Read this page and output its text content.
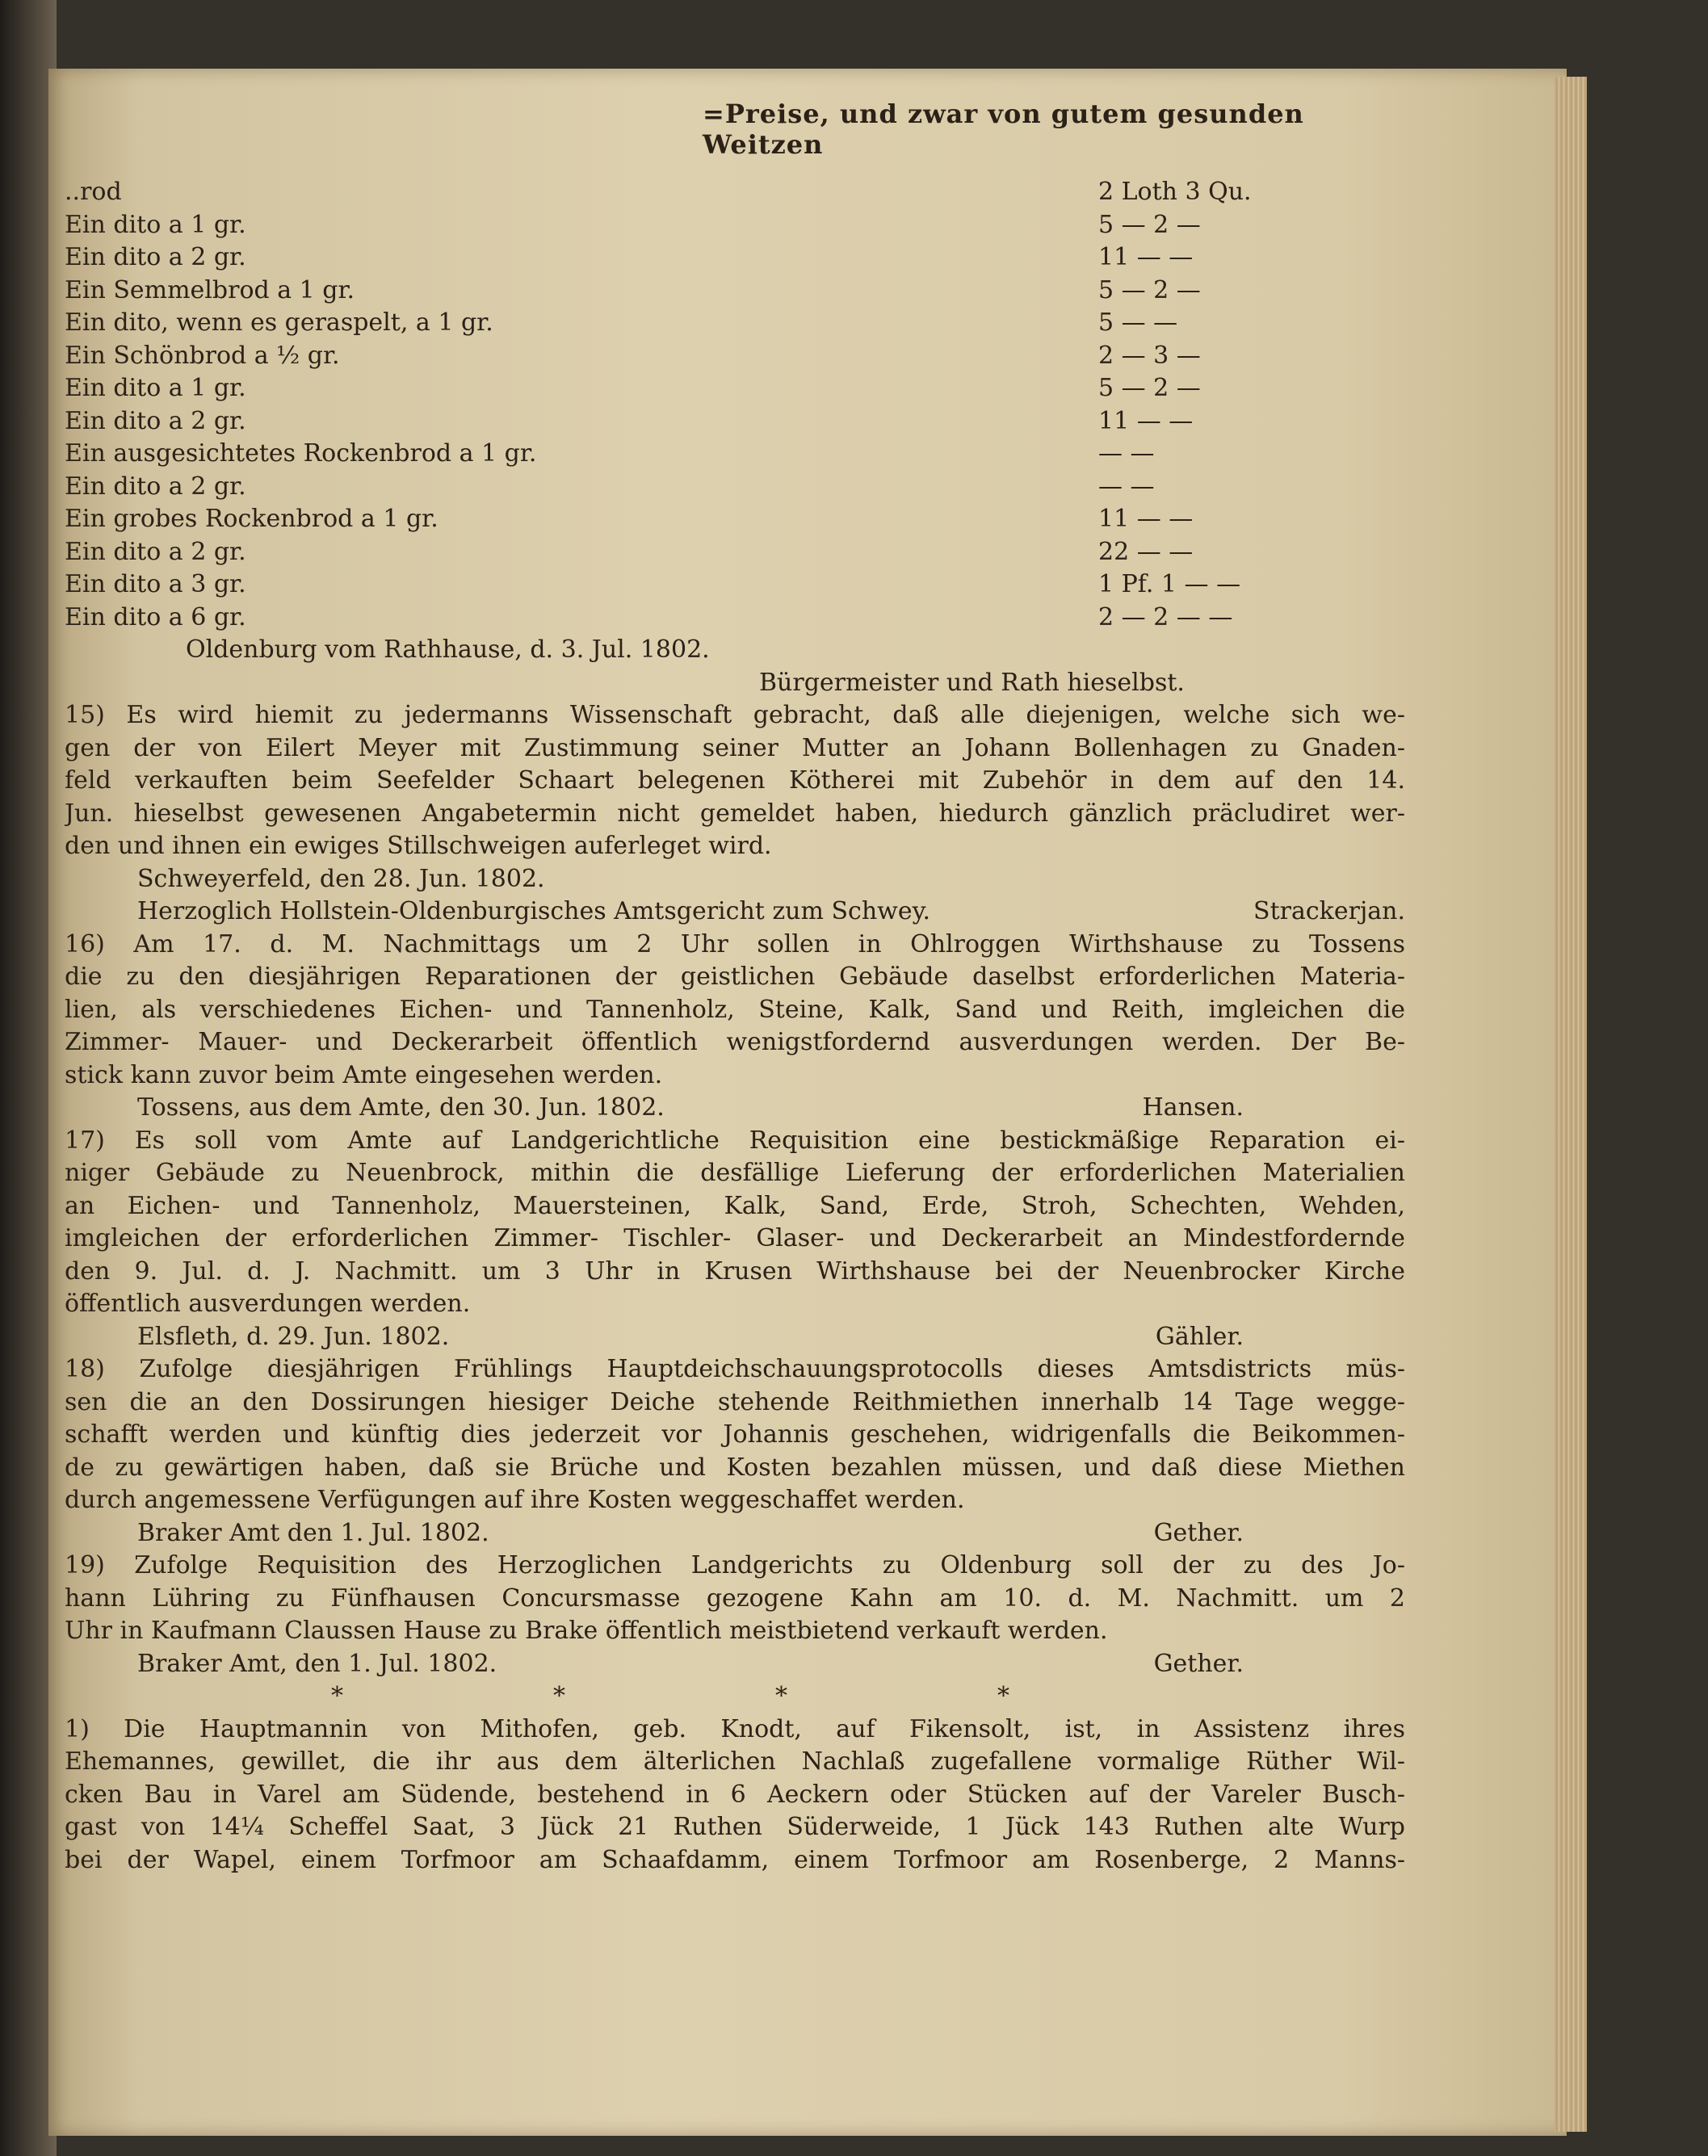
=Preise, und zwar von gutem gesunden Weitzen
..rod	2 Loth 3 Qu.
Ein dito a 1 gr.	5 — 2 —
Ein dito a 2 gr.	11 — —
Ein Semmelbrod a 1 gr.	5 — 2 —
Ein dito, wenn es geraspelt, a 1 gr.	5 — —
Ein Schönbrod a ½ gr.	2 — 3 —
Ein dito a 1 gr.	5 — 2 —
Ein dito a 2 gr.	11 — —
Ein ausgesichtetes Rockenbrod a 1 gr.	— —
Ein dito a 2 gr.	— —
Ein grobes Rockenbrod a 1 gr.	11 — —
Ein dito a 2 gr.	22 — —
Ein dito a 3 gr.	1 Pf. 1 — —
Ein dito a 6 gr.	2 — 2 — —
Oldenburg vom Rathhause, d. 3. Jul. 1802.
Bürgermeister und Rath hieselbst.
15) Es wird hiemit zu jedermanns Wissenschaft gebracht, daß alle diejenigen, welche sich we-
gen der von Eilert Meyer mit Zustimmung seiner Mutter an Johann Bollenhagen zu Gnaden-
feld verkauften beim Seefelder Schaart belegenen Kötherei mit Zubehör in dem auf den 14.
Jun. hieselbst gewesenen Angabetermin nicht gemeldet haben, hiedurch gänzlich präcludiret wer-
den und ihnen ein ewiges Stillschweigen auferleget wird.
Schweyerfeld, den 28. Jun. 1802.
Herzoglich Hollstein-Oldenburgisches Amtsgericht zum Schwey.	Strackerjan.
16) Am 17. d. M. Nachmittags um 2 Uhr sollen in Ohlroggen Wirthshause zu Tossens
die zu den diesjährigen Reparationen der geistlichen Gebäude daselbst erforderlichen Materia-
lien, als verschiedenes Eichen- und Tannenholz, Steine, Kalk, Sand und Reith, imgleichen die
Zimmer- Mauer- und Deckerarbeit öffentlich wenigstfordernd ausverdungen werden. Der Be-
stick kann zuvor beim Amte eingesehen werden.
Tossens, aus dem Amte, den 30. Jun. 1802.	Hansen.
17) Es soll vom Amte auf Landgerichtliche Requisition eine bestickmäßige Reparation ei-
niger Gebäude zu Neuenbrock, mithin die desfällige Lieferung der erforderlichen Materialien
an Eichen- und Tannenholz, Mauersteinen, Kalk, Sand, Erde, Stroh, Schechten, Wehden,
imgleichen der erforderlichen Zimmer- Tischler- Glaser- und Deckerarbeit an Mindestfordernde
den 9. Jul. d. J. Nachmitt. um 3 Uhr in Krusen Wirthshause bei der Neuenbrocker Kirche
öffentlich ausverdungen werden.
Elsfleth, d. 29. Jun. 1802.	Gähler.
18) Zufolge diesjährigen Frühlings Hauptdeichschauungsprotocolls dieses Amtsdistricts müs-
sen die an den Dossirungen hiesiger Deiche stehende Reithmiethen innerhalb 14 Tage wegge-
schafft werden und künftig dies jederzeit vor Johannis geschehen, widrigenfalls die Beikommen-
de zu gewärtigen haben, daß sie Brüche und Kosten bezahlen müssen, und daß diese Miethen
durch angemessene Verfügungen auf ihre Kosten weggeschaffet werden.
Braker Amt den 1. Jul. 1802.	Gether.
19) Zufolge Requisition des Herzoglichen Landgerichts zu Oldenburg soll der zu des Jo-
hann Lühring zu Fünfhausen Concursmasse gezogene Kahn am 10. d. M. Nachmitt. um 2
Uhr in Kaufmann Claussen Hause zu Brake öffentlich meistbietend verkauft werden.
Braker Amt, den 1. Jul. 1802.	Gether.
*	*	*	*
1) Die Hauptmannin von Mithofen, geb. Knodt, auf Fikensolt, ist, in Assistenz ihres
Ehemannes, gewillet, die ihr aus dem älterlichen Nachlaß zugefallene vormalige Rüther Wil-
cken Bau in Varel am Südende, bestehend in 6 Aeckern oder Stücken auf der Vareler Busch-
gast von 14¼ Scheffel Saat, 3 Jück 21 Ruthen Süderweide, 1 Jück 143 Ruthen alte Wurp
bei der Wapel, einem Torfmoor am Schaafdamm, einem Torfmoor am Rosenberge, 2 Manns-
